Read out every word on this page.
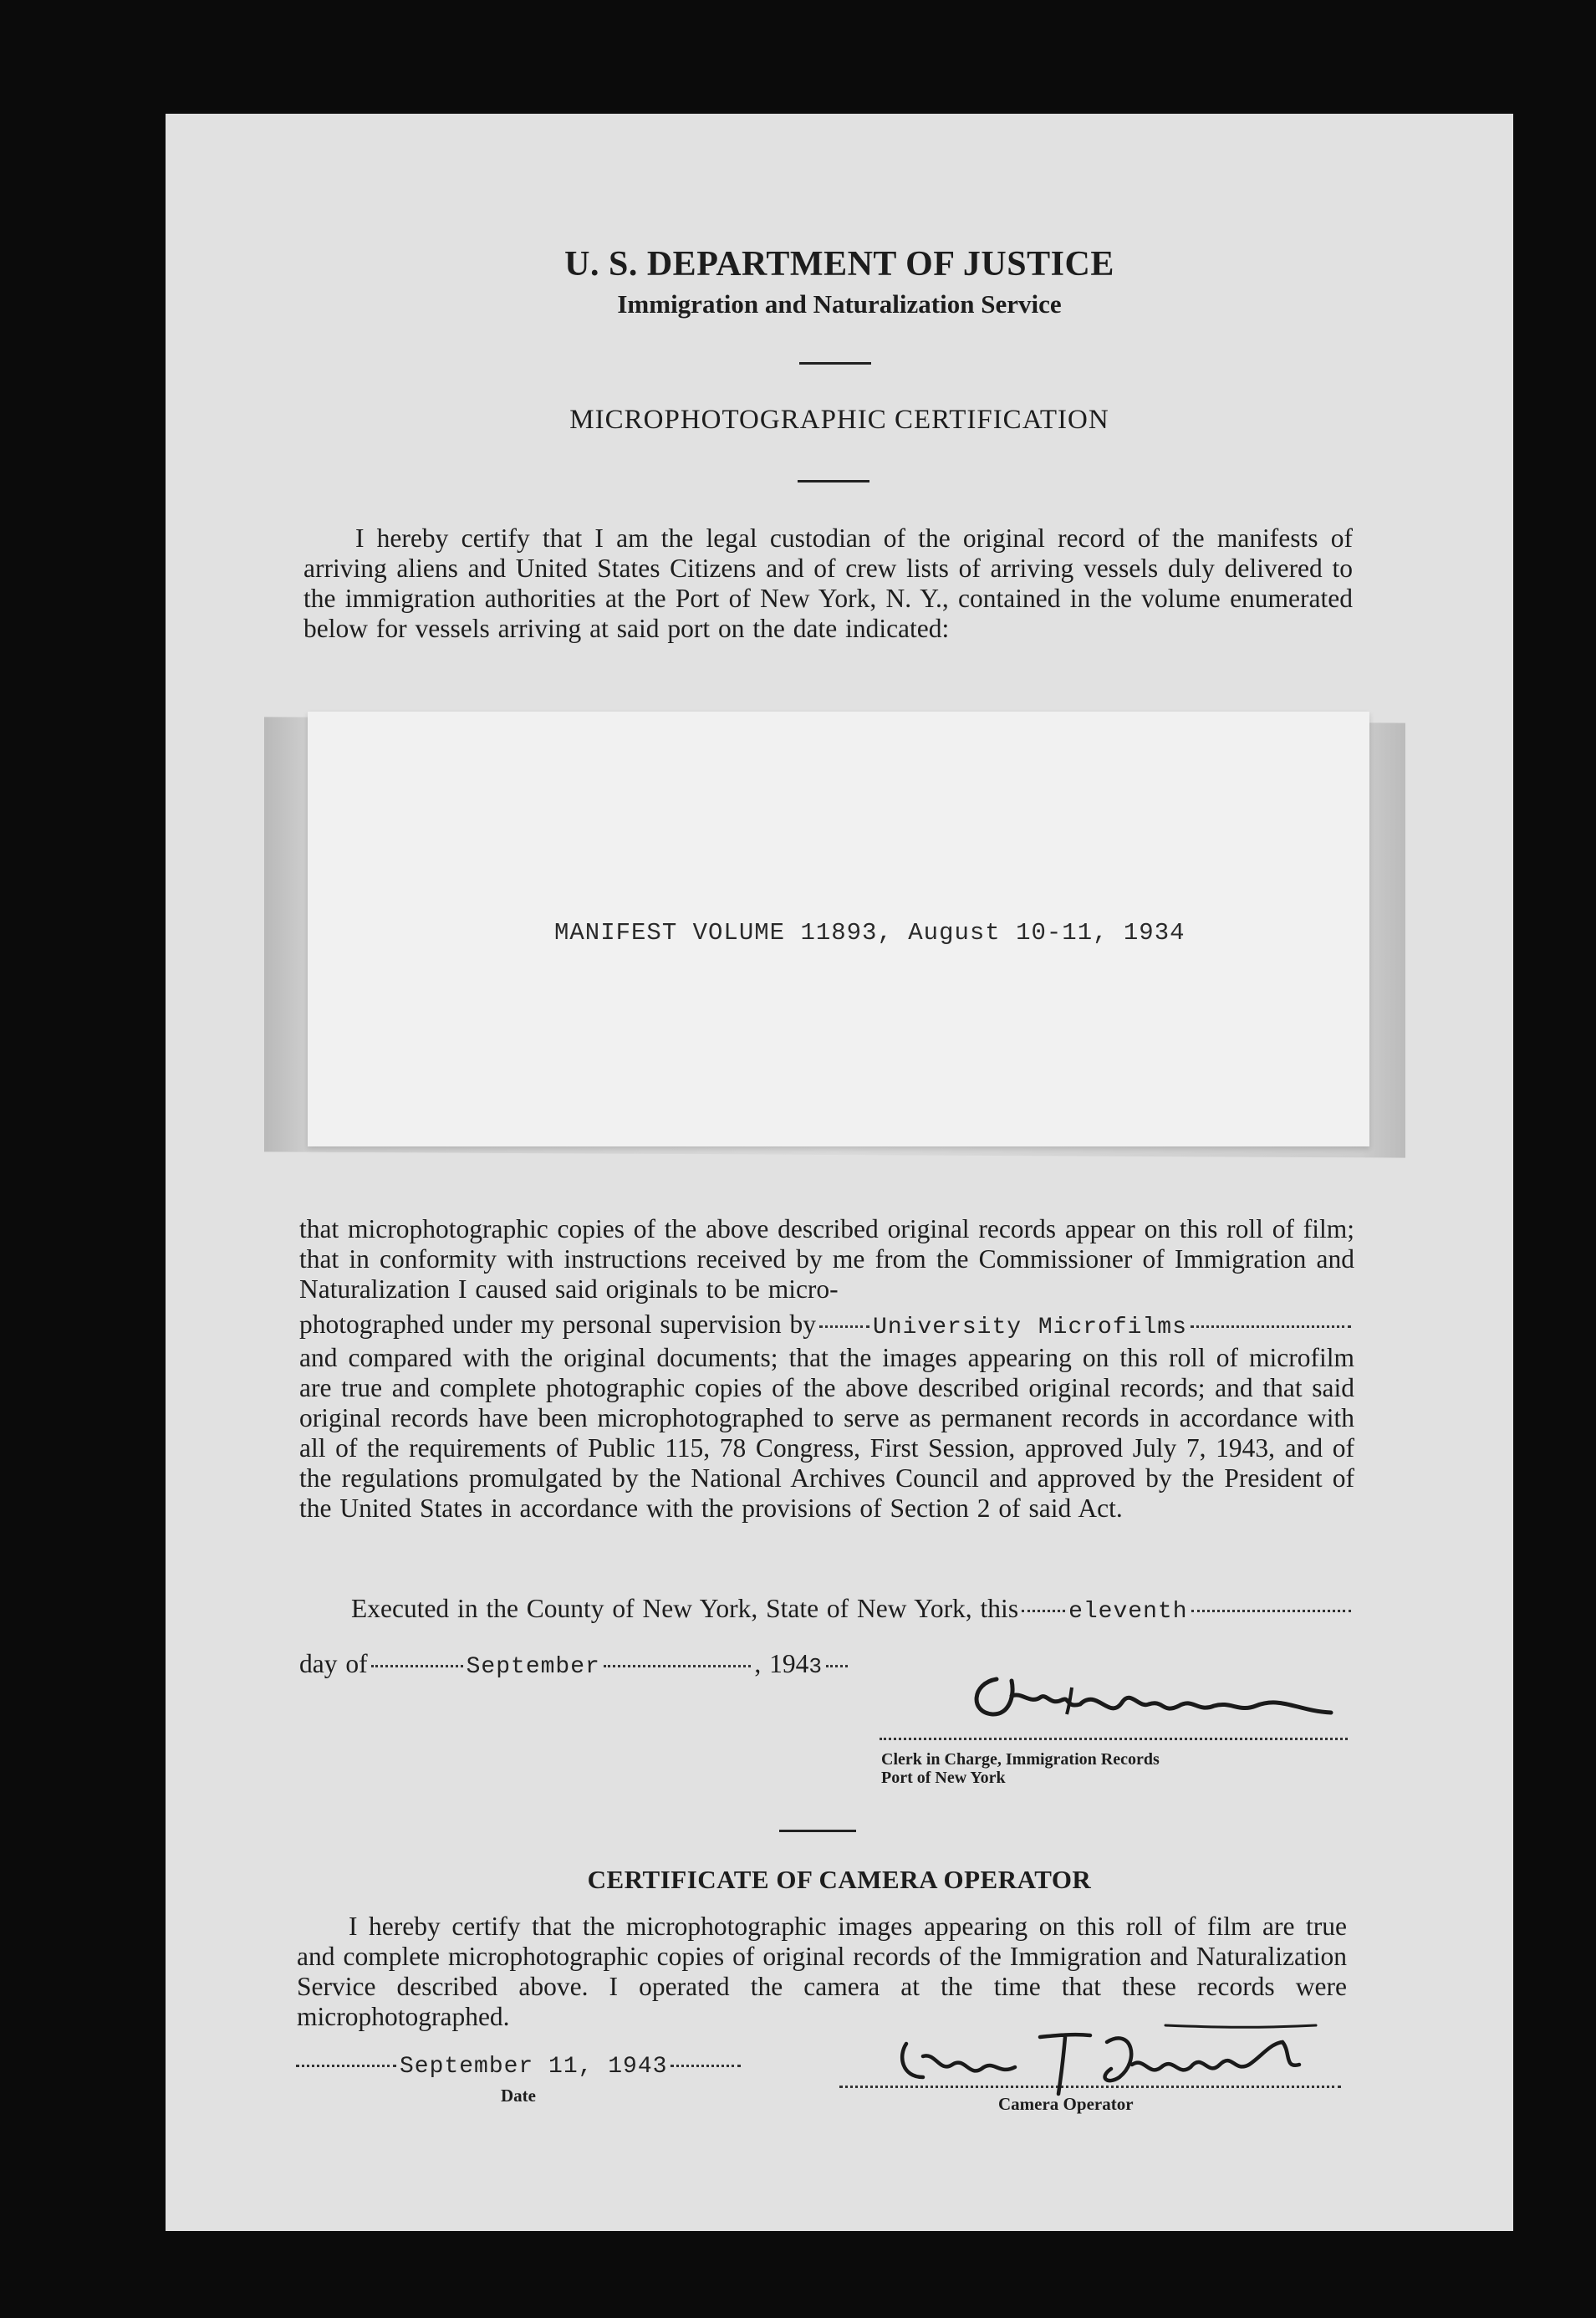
U. S. DEPARTMENT OF JUSTICE
Immigration and Naturalization Service
MICROPHOTOGRAPHIC CERTIFICATION
I hereby certify that I am the legal custodian of the original record of the manifests of arriving aliens and United States Citizens and of crew lists of arriving vessels duly delivered to the immigration authorities at the Port of New York, N. Y., contained in the volume enumerated below for vessels arriving at said port on the date indicated:
MANIFEST VOLUME 11893, August 10-11, 1934
that microphotographic copies of the above described original records appear on this roll of film; that in conformity with instructions received by me from the Commissioner of Immigration and Naturalization I caused said originals to be micro-
photographed under my personal supervision by University Microfilms
and compared with the original documents; that the images appearing on this roll of microfilm are true and complete photographic copies of the above described original records; and that said original records have been microphotographed to serve as permanent records in accordance with all of the requirements of Public 115, 78 Congress, First Session, approved July 7, 1943, and of the regulations promulgated by the National Archives Council and approved by the President of the United States in accordance with the provisions of Section 2 of said Act.
Executed in the County of New York, State of New York, this eleventh
day of	September	, 194 3
Clerk in Charge, Immigration Records
Port of New York
CERTIFICATE OF CAMERA OPERATOR
I hereby certify that the microphotographic images appearing on this roll of film are true and complete microphotographic copies of original records of the Immigration and Naturalization Service described above. I operated the camera at the time that these records were microphotographed.
September 11, 1943
Date	Camera Operator
